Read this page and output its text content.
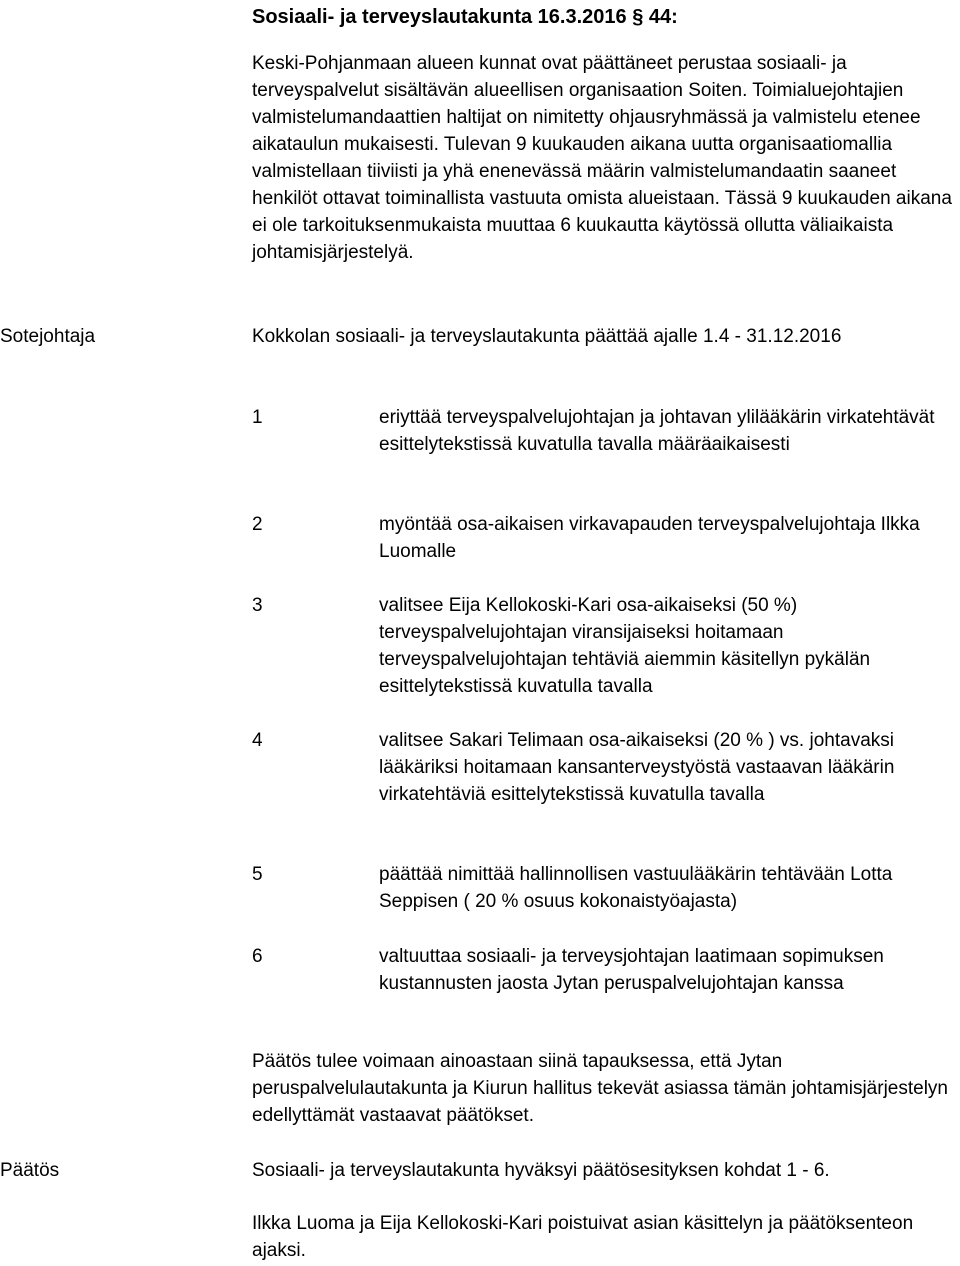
Sosiaali- ja terveyslautakunta 16.3.2016 § 44:

Keski-Pohjanmaan alueen kunnat ovat päättäneet perustaa sosiaali- ja terveyspalvelut sisältävän alueellisen organisaation Soiten. Toimialuejohtajien valmistelumandaattien haltijat on nimitetty ohjausryhmässä ja valmistelu etenee aikataulun mukaisesti. Tulevan 9 kuukauden aikana uutta organisaatiomallia valmistellaan tiiviisti ja yhä enenevässä määrin valmistelumandaatin saaneet henkilöt ottavat toiminallista vastuuta omista alueistaan. Tässä 9 kuukauden aikana ei ole tarkoituksenmukaista muuttaa 6 kuukautta käytössä ollutta väliaikaista johtamisjärjestelyä.

Sotejohtaja	Kokkolan sosiaali- ja terveyslautakunta päättää ajalle 1.4 - 31.12.2016

1	eriyttää terveyspalvelujohtajan ja johtavan ylilääkärin virkatehtävät esittelytekstissä kuvatulla tavalla määräaikaisesti

2	myöntää osa-aikaisen virkavapauden terveyspalvelujohtaja Ilkka Luomalle

3	valitsee Eija Kellokoski-Kari osa-aikaiseksi (50 %) terveyspalvelujohtajan viransijaiseksi hoitamaan terveyspalvelujohtajan tehtäviä aiemmin käsitellyn pykälän esittelytekstissä kuvatulla tavalla

4	valitsee Sakari Telimaan osa-aikaiseksi (20 % ) vs. johtavaksi lääkäriksi hoitamaan kansanterveystyöstä vastaavan lääkärin virkatehtäviä esittelytekstissä kuvatulla tavalla

5	päättää nimittää hallinnollisen vastuulääkärin tehtävään Lotta Seppisen ( 20 % osuus kokonaistyöajasta)

6	valtuuttaa sosiaali- ja terveysjohtajan laatimaan sopimuksen kustannusten jaosta Jytan peruspalvelujohtajan kanssa

Päätös tulee voimaan ainoastaan siinä tapauksessa, että Jytan peruspalvelulautakunta ja Kiurun hallitus tekevät asiassa tämän johtamisjärjestelyn edellyttämät vastaavat päätökset.

Päätös	Sosiaali- ja terveyslautakunta hyväksyi päätösesityksen kohdat 1 - 6.

Ilkka Luoma ja Eija Kellokoski-Kari poistuivat asian käsittelyn ja päätöksenteon ajaksi.
